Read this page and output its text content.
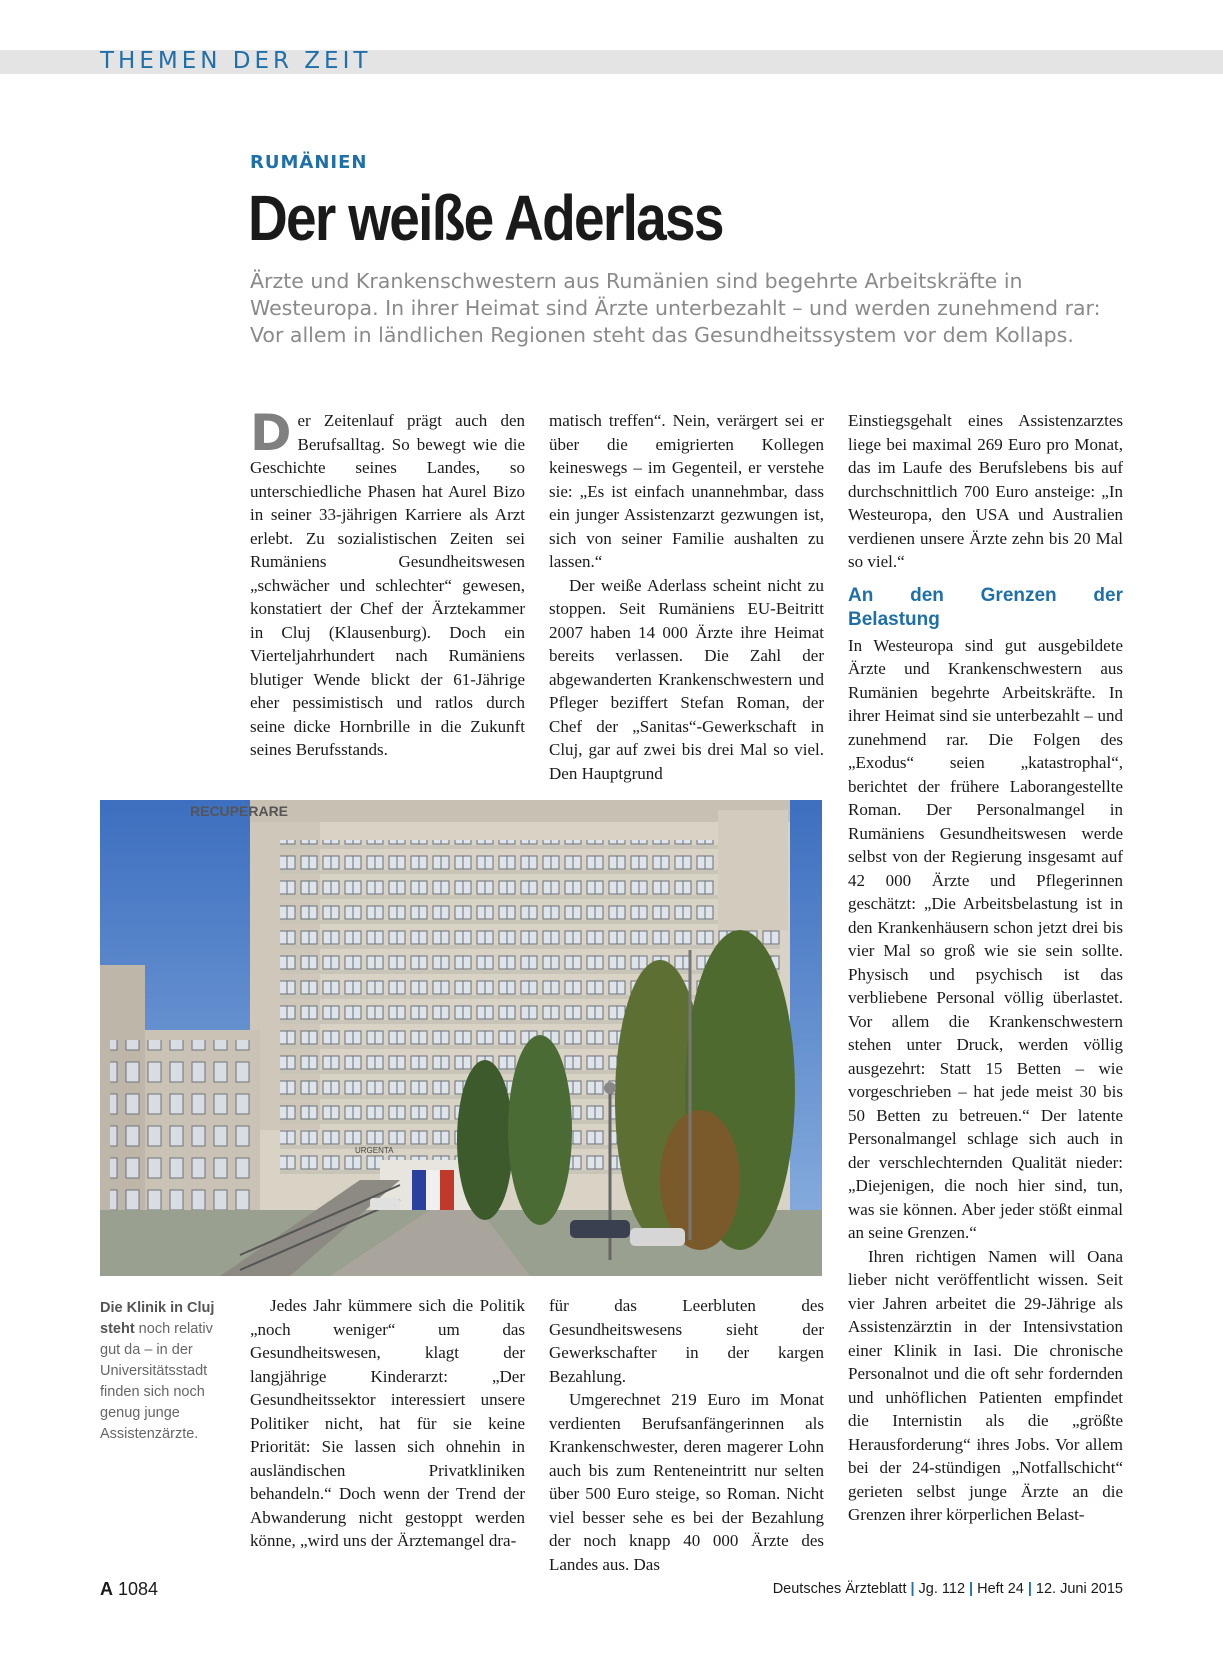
THEMEN DER ZEIT
RUMÄNIEN
Der weiße Aderlass

Ärzte und Krankenschwestern aus Rumänien sind begehrte Arbeitskräfte in Westeuropa. In ihrer Heimat sind Ärzte unterbezahlt – und werden zunehmend rar: Vor allem in ländlichen Regionen steht das Gesundheitssystem vor dem Kollaps.

D er Zeitenlauf prägt auch den Berufsalltag. So bewegt wie die Geschichte seines Landes, so unterschiedliche Phasen hat Aurel Bizo in seiner 33-jährigen Karriere als Arzt erlebt. Zu sozialistischen Zeiten sei Rumäniens Gesundheitswesen „schwächer und schlechter“ gewesen, konstatiert der Chef der Ärztekammer in Cluj (Klausenburg). Doch ein Vierteljahrhundert nach Rumäniens blutiger Wende blickt der 61-Jährige eher pessimistisch und ratlos durch seine dicke Hornbrille in die Zukunft seines Berufsstands.

matisch treffen“. Nein, verärgert sei er über die emigrierten Kollegen keineswegs – im Gegenteil, er verstehe sie: „Es ist einfach unannehmbar, dass ein junger Assistenzarzt gezwungen ist, sich von seiner Familie aushalten zu lassen.“

Der weiße Aderlass scheint nicht zu stoppen. Seit Rumäniens EU-Beitritt 2007 haben 14 000 Ärzte ihre Heimat bereits verlassen. Die Zahl der abgewanderten Krankenschwestern und Pfleger beziffert Stefan Roman, der Chef der „Sanitas“-Gewerkschaft in Cluj, gar auf zwei bis drei Mal so viel. Den Hauptgrund

Einstiegsgehalt eines Assistenzarztes liege bei maximal 269 Euro pro Monat, das im Laufe des Berufslebens bis auf durchschnittlich 700 Euro ansteige: „In Westeuropa, den USA und Australien verdienen unsere Ärzte zehn bis 20 Mal so viel.“

An den Grenzen der Belastung

In Westeuropa sind gut ausgebildete Ärzte und Krankenschwestern aus Rumänien begehrte Arbeitskräfte. In ihrer Heimat sind sie unterbezahlt – und zunehmend rar. Die Folgen des „Exodus“ seien „katastrophal“, berichtet der frühere Laborangestellte Roman. Der Personalmangel in Rumäniens Gesundheitswesen werde selbst von der Regierung insgesamt auf 42 000 Ärzte und Pflegerinnen geschätzt: „Die Arbeitsbelastung ist in den Krankenhäusern schon jetzt drei bis vier Mal so groß wie sie sein sollte. Physisch und psychisch ist das verbliebene Personal völlig überlastet. Vor allem die Krankenschwestern stehen unter Druck, werden völlig ausgezehrt: Statt 15 Betten – wie vorgeschrieben – hat jede meist 30 bis 50 Betten zu betreuen.“ Der latente Personalmangel schlage sich auch in der verschlechternden Qualität nieder: „Diejenigen, die noch hier sind, tun, was sie können. Aber jeder stößt einmal an seine Grenzen.“

Ihren richtigen Namen will Oana lieber nicht veröffentlicht wissen. Seit vier Jahren arbeitet die 29-Jährige als Assistenzärztin in der Intensivstation einer Klinik in Iasi. Die chronische Personalnot und die oft sehr fordernden und unhöflichen Patienten empfindet die Internistin als die „größte Herausforderung“ ihres Jobs. Vor allem bei der 24-stündigen „Notfallschicht“ gerieten selbst junge Ärzte an die Grenzen ihrer körperlichen Belast-

RECUPERARE
URGENTA
Die Klinik in Cluj steht noch relativ gut da – in der Universitätsstadt finden sich noch genug junge Assistenzärzte.

Jedes Jahr kümmere sich die Politik „noch weniger“ um das Gesundheitswesen, klagt der langjährige Kinderarzt: „Der Gesundheitssektor interessiert unsere Politiker nicht, hat für sie keine Priorität: Sie lassen sich ohnehin in ausländischen Privatkliniken behandeln.“ Doch wenn der Trend der Abwanderung nicht gestoppt werden könne, „wird uns der Ärztemangel dra-

für das Leerbluten des Gesundheitswesens sieht der Gewerkschafter in der kargen Bezahlung.

Umgerechnet 219 Euro im Monat verdienten Berufsanfängerinnen als Krankenschwester, deren magerer Lohn auch bis zum Renteneintritt nur selten über 500 Euro steige, so Roman. Nicht viel besser sehe es bei der Bezahlung der noch knapp 40 000 Ärzte des Landes aus. Das

A 1084	Deutsches Ärzteblatt | Jg. 112 | Heft 24 | 12. Juni 2015
